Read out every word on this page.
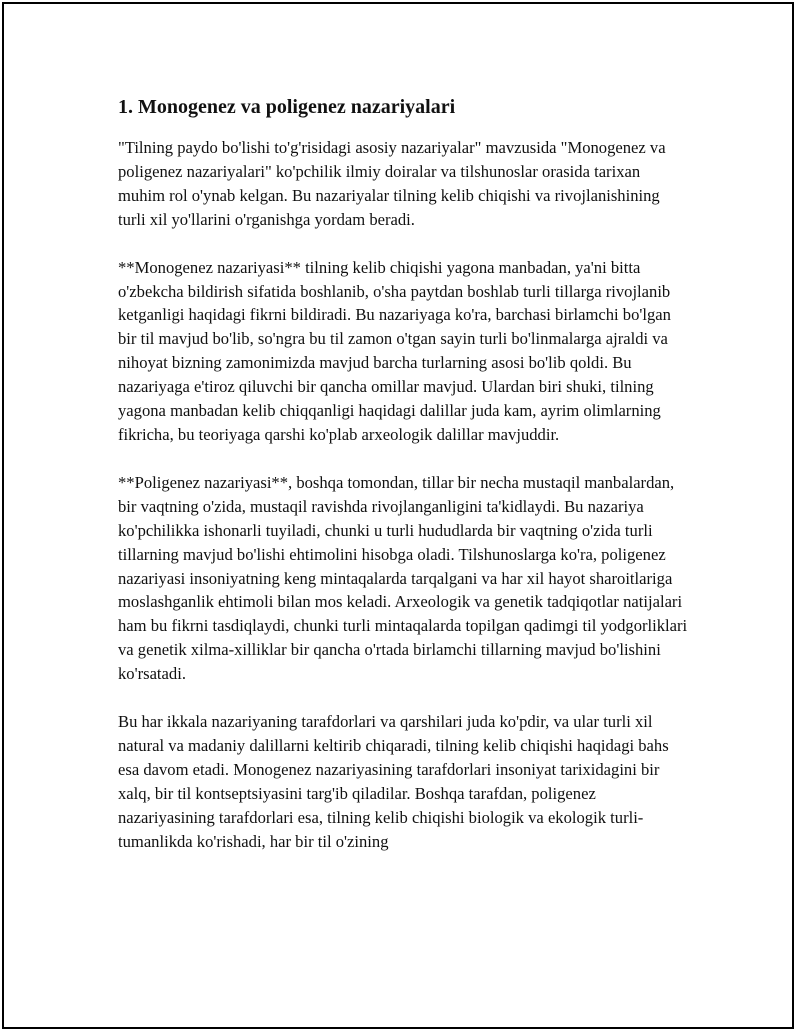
1. Monogenez va poligenez nazariyalari

"Tilning paydo bo'lishi to'g'risidagi asosiy nazariyalar" mavzusida "Monogenez va poligenez nazariyalari" ko'pchilik ilmiy doiralar va tilshunoslar orasida tarixan muhim rol o'ynab kelgan. Bu nazariyalar tilning kelib chiqishi va rivojlanishining turli xil yo'llarini o'rganishga yordam beradi.

**Monogenez nazariyasi** tilning kelib chiqishi yagona manbadan, ya'ni bitta o'zbekcha bildirish sifatida boshlanib, o'sha paytdan boshlab turli tillarga rivojlanib ketganligi haqidagi fikrni bildiradi. Bu nazariyaga ko'ra, barchasi birlamchi bo'lgan bir til mavjud bo'lib, so'ngra bu til zamon o'tgan sayin turli bo'linmalarga ajraldi va nihoyat bizning zamonimizda mavjud barcha turlarning asosi bo'lib qoldi. Bu nazariyaga e'tiroz qiluvchi bir qancha omillar mavjud. Ulardan biri shuki, tilning yagona manbadan kelib chiqqanligi haqidagi dalillar juda kam, ayrim olimlarning fikricha, bu teoriyaga qarshi ko'plab arxeologik dalillar mavjuddir.

**Poligenez nazariyasi**, boshqa tomondan, tillar bir necha mustaqil manbalardan, bir vaqtning o'zida, mustaqil ravishda rivojlanganligini ta'kidlaydi. Bu nazariya ko'pchilikka ishonarli tuyiladi, chunki u turli hududlarda bir vaqtning o'zida turli tillarning mavjud bo'lishi ehtimolini hisobga oladi. Tilshunoslarga ko'ra, poligenez nazariyasi insoniyatning keng mintaqalarda tarqalgani va har xil hayot sharoitlariga moslashganlik ehtimoli bilan mos keladi. Arxeologik va genetik tadqiqotlar natijalari ham bu fikrni tasdiqlaydi, chunki turli mintaqalarda topilgan qadimgi til yodgorliklari va genetik xilma-xilliklar bir qancha o'rtada birlamchi tillarning mavjud bo'lishini ko'rsatadi.

Bu har ikkala nazariyaning tarafdorlari va qarshilari juda ko'pdir, va ular turli xil natural va madaniy dalillarni keltirib chiqaradi, tilning kelib chiqishi haqidagi bahs esa davom etadi. Monogenez nazariyasining tarafdorlari insoniyat tarixidagini bir xalq, bir til kontseptsiyasini targ'ib qiladilar. Boshqa tarafdan, poligenez nazariyasining tarafdorlari esa, tilning kelib chiqishi biologik va ekologik turli-tumanlikda ko'rishadi, har bir til o'zining
